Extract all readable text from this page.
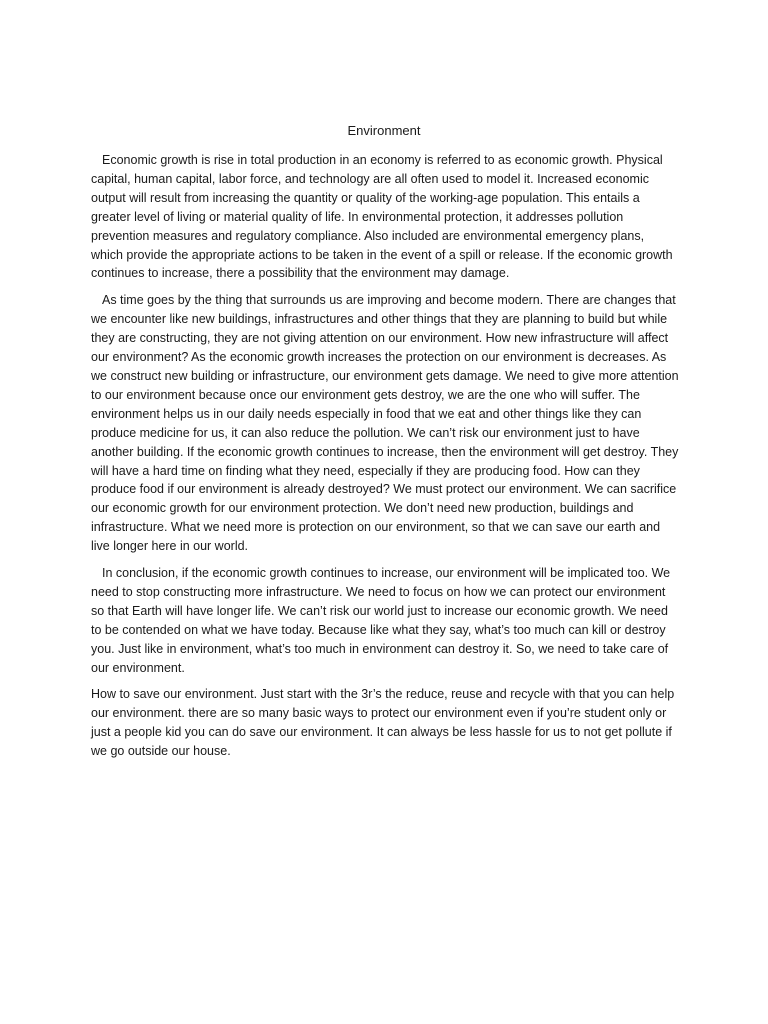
Environment

Economic growth is rise in total production in an economy is referred to as economic growth. Physical capital, human capital, labor force, and technology are all often used to model it. Increased economic output will result from increasing the quantity or quality of the working-age population. This entails a greater level of living or material quality of life. In environmental protection, it addresses pollution prevention measures and regulatory compliance. Also included are environmental emergency plans, which provide the appropriate actions to be taken in the event of a spill or release. If the economic growth continues to increase, there a possibility that the environment may damage.

As time goes by the thing that surrounds us are improving and become modern. There are changes that we encounter like new buildings, infrastructures and other things that they are planning to build but while they are constructing, they are not giving attention on our environment. How new infrastructure will affect our environment? As the economic growth increases the protection on our environment is decreases. As we construct new building or infrastructure, our environment gets damage. We need to give more attention to our environment because once our environment gets destroy, we are the one who will suffer. The environment helps us in our daily needs especially in food that we eat and other things like they can produce medicine for us, it can also reduce the pollution. We can’t risk our environment just to have another building. If the economic growth continues to increase, then the environment will get destroy. They will have a hard time on finding what they need, especially if they are producing food. How can they produce food if our environment is already destroyed? We must protect our environment. We can sacrifice our economic growth for our environment protection. We don’t need new production, buildings and infrastructure. What we need more is protection on our environment, so that we can save our earth and live longer here in our world.

In conclusion, if the economic growth continues to increase, our environment will be implicated too. We need to stop constructing more infrastructure. We need to focus on how we can protect our environment so that Earth will have longer life. We can’t risk our world just to increase our economic growth. We need to be contended on what we have today. Because like what they say, what’s too much can kill or destroy you. Just like in environment, what’s too much in environment can destroy it. So, we need to take care of our environment.

How to save our environment. Just start with the 3r’s the reduce, reuse and recycle with that you can help our environment. there are so many basic ways to protect our environment even if you’re student only or just a people kid you can do save our environment. It can always be less hassle for us to not get pollute if we go outside our house.
